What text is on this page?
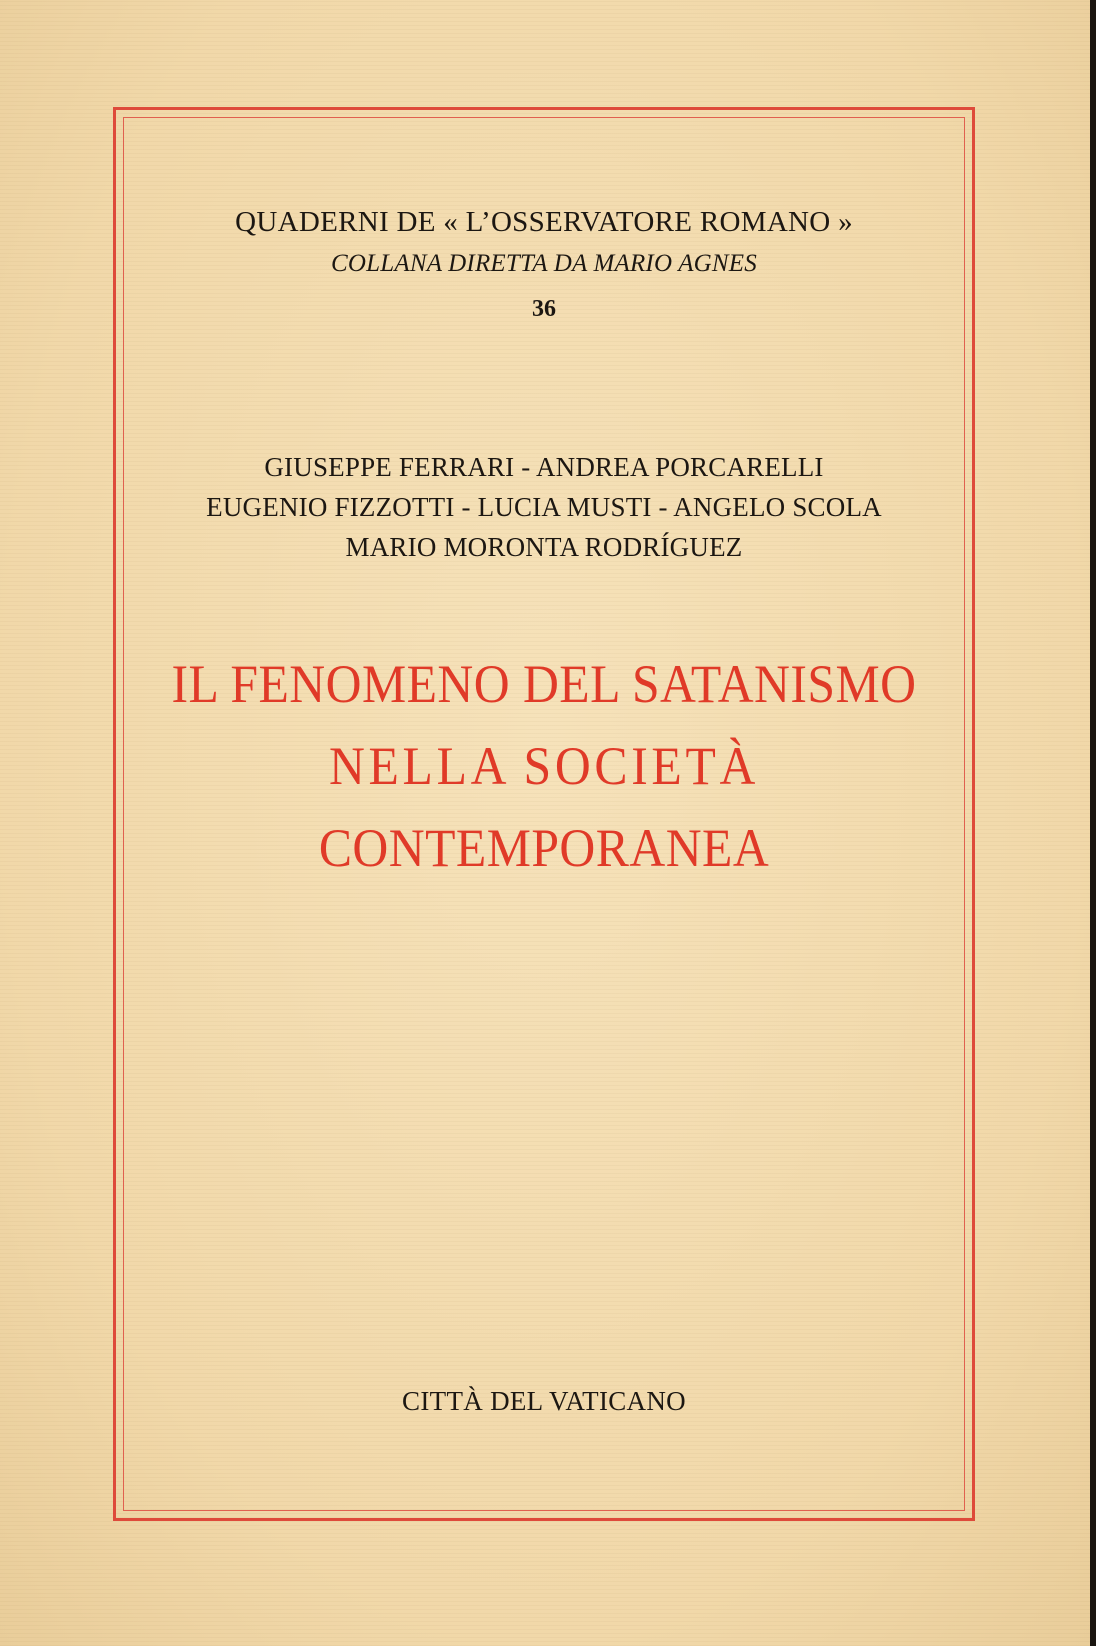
QUADERNI DE « L’OSSERVATORE ROMANO »
COLLANA DIRETTA DA MARIO AGNES
36
GIUSEPPE FERRARI - ANDREA PORCARELLI
EUGENIO FIZZOTTI - LUCIA MUSTI - ANGELO SCOLA
MARIO MORONTA RODRÍGUEZ
IL FENOMENO DEL SATANISMO
NELLA SOCIETÀ
CONTEMPORANEA
CITTÀ DEL VATICANO
